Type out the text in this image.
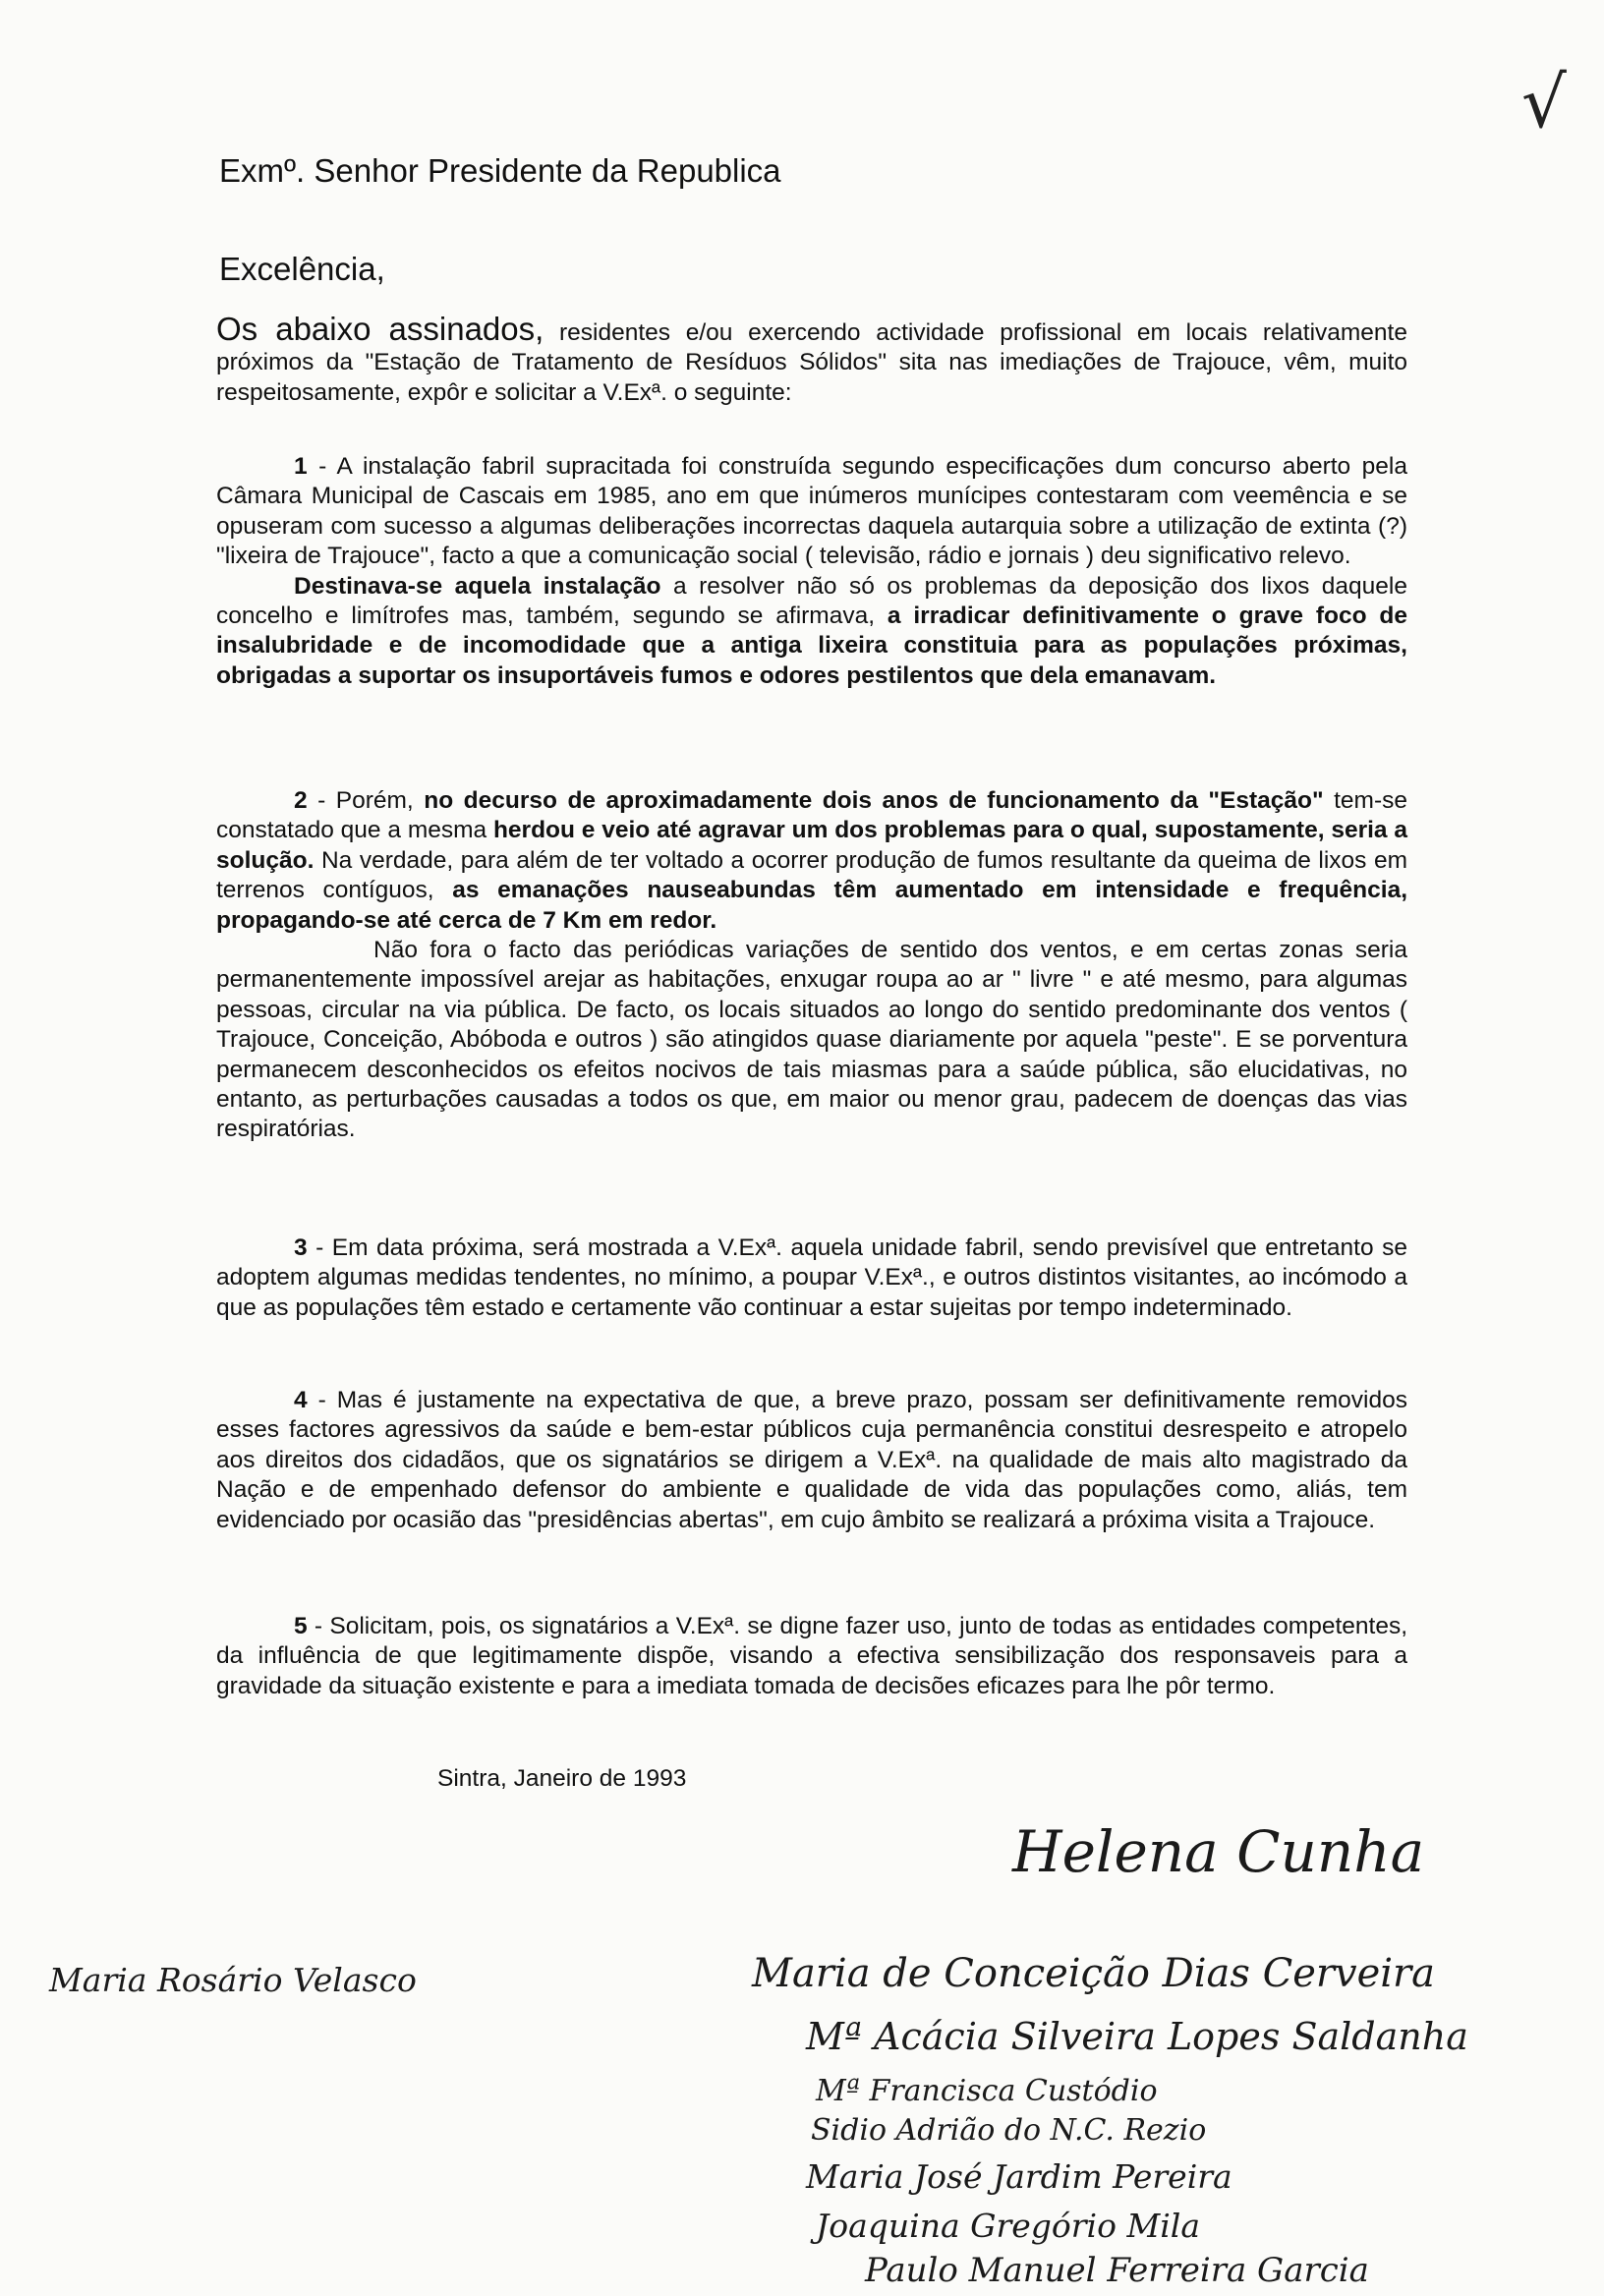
√
Exmº. Senhor Presidente da Republica
Excelência,

Os abaixo assinados, residentes e/ou exercendo actividade profissional em locais relativamente próximos da "Estação de Tratamento de Resíduos Sólidos" sita nas imediações de Trajouce, vêm, muito respeitosamente, expôr e solicitar a V.Exª. o seguinte:

1 - A instalação fabril supracitada foi construída segundo especificações dum concurso aberto pela Câmara Municipal de Cascais em 1985, ano em que inúmeros munícipes contestaram com veemência e se opuseram com sucesso a algumas deliberações incorrectas daquela autarquia sobre a utilização de extinta (?) "lixeira de Trajouce", facto a que a comunicação social ( televisão, rádio e jornais ) deu significativo relevo.

Destinava-se aquela instalação a resolver não só os problemas da deposição dos lixos daquele concelho e limítrofes mas, também, segundo se afirmava, a irradicar definitivamente o grave foco de insalubridade e de incomodidade que a antiga lixeira constituia para as populações próximas, obrigadas a suportar os insuportáveis fumos e odores pestilentos que dela emanavam.

2 - Porém, no decurso de aproximadamente dois anos de funcionamento da "Estação" tem-se constatado que a mesma herdou e veio até agravar um dos problemas para o qual, supostamente, seria a solução. Na verdade, para além de ter voltado a ocorrer produção de fumos resultante da queima de lixos em terrenos contíguos, as emanações nauseabundas têm aumentado em intensidade e frequência, propagando-se até cerca de 7 Km em redor.

Não fora o facto das periódicas variações de sentido dos ventos, e em certas zonas seria permanentemente impossível arejar as habitações, enxugar roupa ao ar " livre " e até mesmo, para algumas pessoas, circular na via pública. De facto, os locais situados ao longo do sentido predominante dos ventos ( Trajouce, Conceição, Abóboda e outros ) são atingidos quase diariamente por aquela "peste". E se porventura permanecem desconhecidos os efeitos nocivos de tais miasmas para a saúde pública, são elucidativas, no entanto, as perturbações causadas a todos os que, em maior ou menor grau, padecem de doenças das vias respiratórias.

3 - Em data próxima, será mostrada a V.Exª. aquela unidade fabril, sendo previsível que entretanto se adoptem algumas medidas tendentes, no mínimo, a poupar V.Exª., e outros distintos visitantes, ao incómodo a que as populações têm estado e certamente vão continuar a estar sujeitas por tempo indeterminado.

4 - Mas é justamente na expectativa de que, a breve prazo, possam ser definitivamente removidos esses factores agressivos da saúde e bem-estar públicos cuja permanência constitui desrespeito e atropelo aos direitos dos cidadãos, que os signatários se dirigem a V.Exª. na qualidade de mais alto magistrado da Nação e de empenhado defensor do ambiente e qualidade de vida das populações como, aliás, tem evidenciado por ocasião das "presidências abertas", em cujo âmbito se realizará a próxima visita a Trajouce.

5 - Solicitam, pois, os signatários a V.Exª. se digne fazer uso, junto de todas as entidades competentes, da influência de que legitimamente dispõe, visando a efectiva sensibilização dos responsaveis para a gravidade da situação existente e para a imediata tomada de decisões eficazes para lhe pôr termo.

Sintra, Janeiro de 1993
Helena Cunha
Maria Rosário Velasco	Maria de Conceição Dias Cerveira
Mª Acácia Silveira Lopes Saldanha
Mª Francisca Custódio
Sidio Adrião do N.C. Rezio
Maria José Jardim Pereira
Joaquina Gregório Mila
Paulo Manuel Ferreira Garcia
